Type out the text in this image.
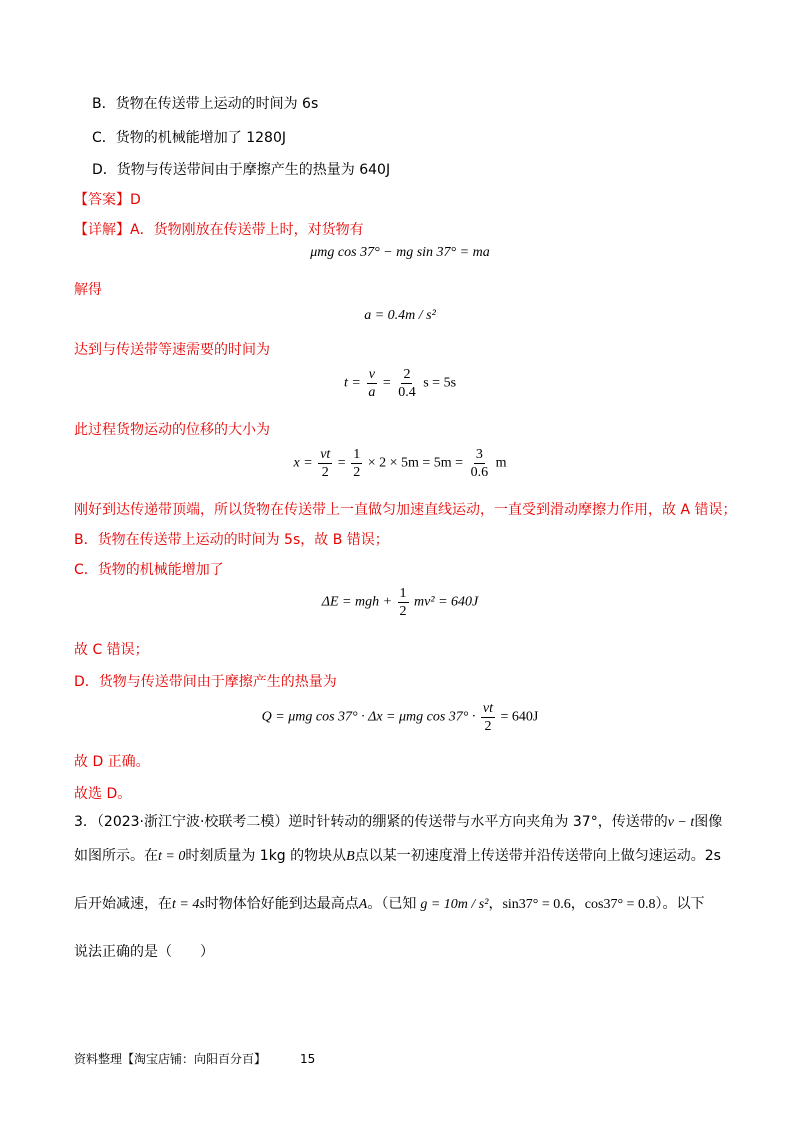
B．货物在传送带上运动的时间为 6s
C．货物的机械能增加了 1280J
D．货物与传送带间由于摩擦产生的热量为 640J
【答案】D
【详解】A．货物刚放在传送带上时，对货物有
μmg cos 37° − mg sin 37° = ma
解得
a = 0.4m / s²
达到与传送带等速需要的时间为
$t = \frac{v}{a} = \frac{2}{0.4}$ s = 5s
此过程货物运动的位移的大小为
$x = \frac{vt}{2} = \frac{1}{2} \times 2 \times 5m = 5m = \frac{3}{0.6}$ m
刚好到达传递带顶端，所以货物在传送带上一直做匀加速直线运动，一直受到滑动摩擦力作用，故 A 错误；
B．货物在传送带上运动的时间为 5s，故 B 错误；
C．货物的机械能增加了
ΔE = mgh + $\frac{1}{2} mv^2 = 640J$
故 C 错误；
D．货物与传送带间由于摩擦产生的热量为
Q = μmg cos 37° · Δx = μmg $\cos 37^\circ \cdot \frac{vt}{2} = 640J$
故 D 正确。
故选 D。
3．（2023·浙江宁波·校联考二模）逆时针转动的绷紧的传送带与水平方向夹角为 37°，传送带的v − t图像
如图所示。在t = 0时刻质量为 1kg 的物块从B点以某一初速度滑上传送带并沿传送带向上做匀速运动。2s
后开始减速，在t = 4s时物体恰好能到达最高点A。（已知 g = 10m / s²，sin37° = 0.6，cos37° = 0.8）。以下
说法正确的是（　　）
资料整理【淘宝店铺：向阳百分百】	15
